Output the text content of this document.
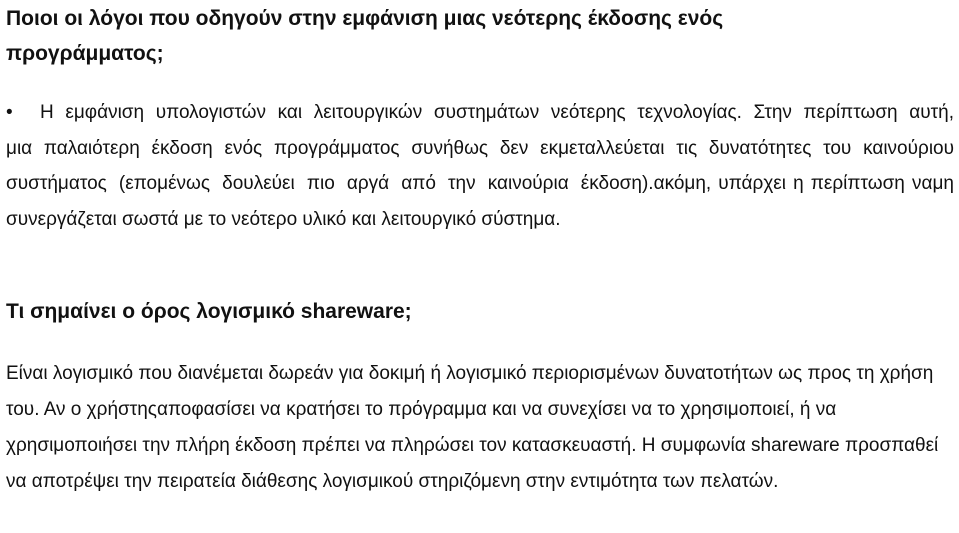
Ποιοι οι λόγοι που οδηγούν στην εμφάνιση μιας νεότερης έκδοσης ενός
προγράμματος;

• Η εμφάνιση υπολογιστών και λειτουργικών συστημάτων νεότερης τεχνολογίας. Στην περίπτωση αυτή, μια παλαιότερη έκδοση ενός προγράμματος συνήθως δεν εκμεταλλεύεται τις δυνατότητες του καινούριου συστήματος (επομένως δουλεύει πιο αργά από την καινούρια έκδοση).ακόμη, υπάρχει η περίπτωση ναμη συνεργάζεται σωστά με το νεότερο υλικό και λειτουργικό σύστημα.

Τι σημαίνει ο όρος λογισμικό shareware;

Είναι λογισμικό που διανέμεται δωρεάν για δοκιμή ή λογισμικό περιορισμένων δυνατοτήτων ως προς τη χρήση του. Αν ο χρήστηςαποφασίσει να κρατήσει το πρόγραμμα και να συνεχίσει να το χρησιμοποιεί, ή να χρησιμοποιήσει την πλήρη έκδοση πρέπει να πληρώσει τον κατασκευαστή. Η συμφωνία shareware προσπαθεί να αποτρέψει την πειρατεία διάθεσης λογισμικού στηριζόμενη στην εντιμότητα των πελατών.
